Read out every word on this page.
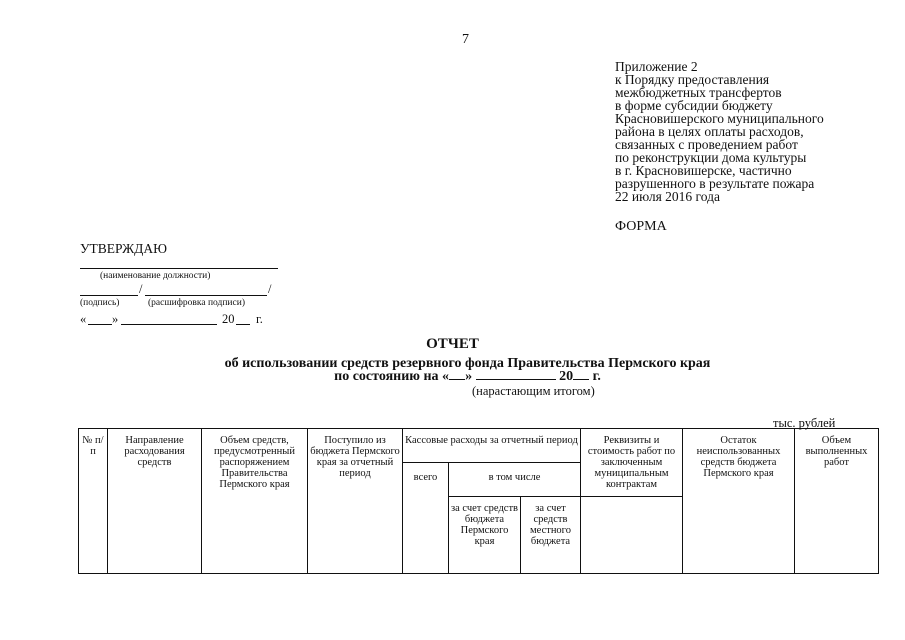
7
Приложение 2
к Порядку предоставления
межбюджетных трансфертов
в форме субсидии бюджету
Красновишерского муниципального
района в целях оплаты расходов,
связанных с проведением работ
по реконструкции дома культуры
в г. Красновишерске, частично
разрушенного в результате пожара
22 июля 2016 года
ФОРМА
УТВЕРЖДАЮ
(наименование должности)
/	/
(подпись)	(расшифровка подписи)
« »	20 г.
ОТЧЕТ
об использовании средств резервного фонда Правительства Пермского края
по состоянию на « »	20 г.
(нарастающим итогом)
тыс. рублей
№ п/п	Направление расходования средств	Объем средств, предусмотренный распоряжением Правительства Пермского края	Поступило из бюджета Пермского края за отчетный период	Кассовые расходы за отчетный период			Реквизиты и стоимость работ по заключенным муниципальным контрактам	Остаток неиспользованных средств бюджета Пермского края	Объем выполненных работ
				всего	в том числе				
					за счет средств бюджета Пермского края	за счет средств местного бюджета			
